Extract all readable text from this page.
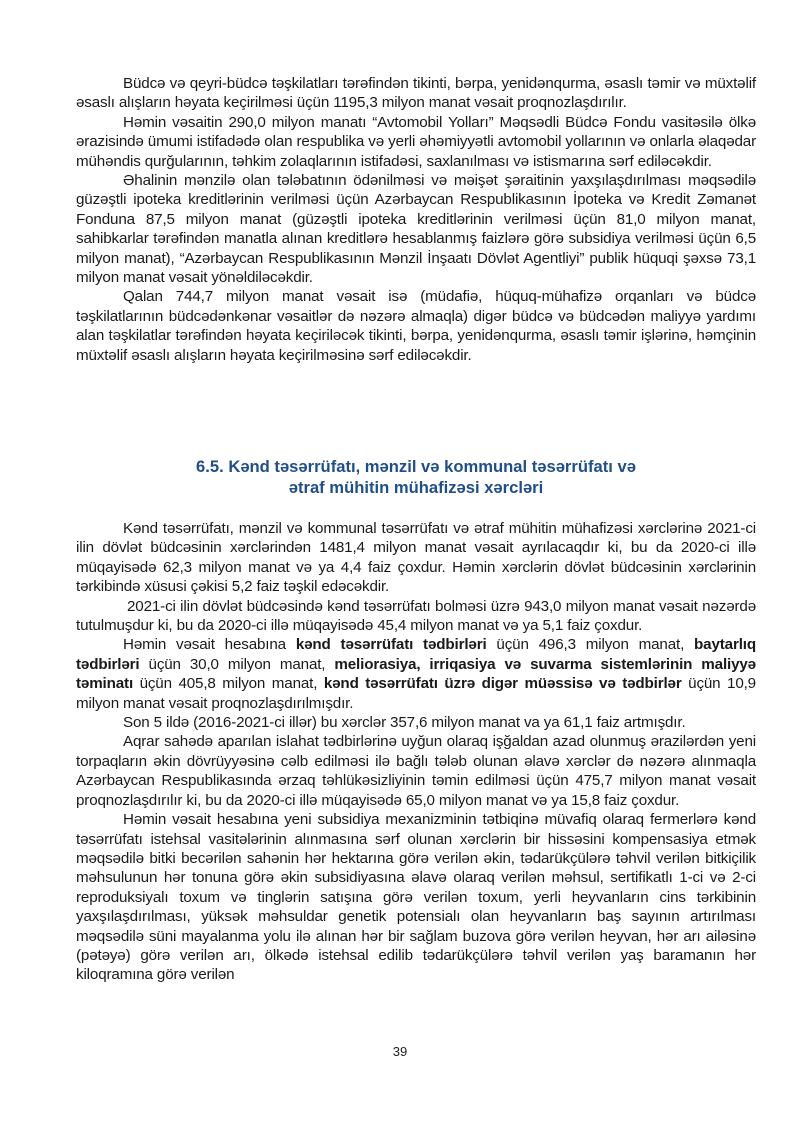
Büdcə və qeyri-büdcə təşkilatları tərəfindən tikinti, bərpa, yenidənqurma, əsaslı təmir və müxtəlif əsaslı alışların həyata keçirilməsi üçün 1195,3 milyon manat vəsait proqnozlaşdırılır.

Həmin vəsaitin 290,0 milyon manatı “Avtomobil Yolları” Məqsədli Büdcə Fondu vasitəsilə ölkə ərazisində ümumi istifadədə olan respublika və yerli əhəmiyyətli avtomobil yollarının və onlarla əlaqədar mühəndis qurğularının, təhkim zolaqlarının istifadəsi, saxlanılması və istismarına sərf ediləcəkdir.

Əhalinin mənzilə olan tələbatının ödənilməsi və məişət şəraitinin yaxşılaşdırılması məqsədilə güzəştli ipoteka kreditlərinin verilməsi üçün Azərbaycan Respublikasının İpoteka və Kredit Zəmanət Fonduna 87,5 milyon manat (güzəştli ipoteka kreditlərinin verilməsi üçün 81,0 milyon manat, sahibkarlar tərəfindən manatla alınan kreditlərə hesablanmış faizlərə görə subsidiya verilməsi üçün 6,5 milyon manat), “Azərbaycan Respublikasının Mənzil İnşaatı Dövlət Agentliyi” publik hüquqi şəxsə 73,1 milyon manat vəsait yönəldiləcəkdir.

Qalan 744,7 milyon manat vəsait isə (müdafiə, hüquq-mühafizə orqanları və büdcə təşkilatlarının büdcədənkənar vəsaitlər də nəzərə almaqla) digər büdcə və büdcədən maliyyə yardımı alan təşkilatlar tərəfindən həyata keçiriləcək tikinti, bərpa, yenidənqurma, əsaslı təmir işlərinə, həmçinin müxtəlif əsaslı alışların həyata keçirilməsinə sərf ediləcəkdir.

6.5. Kənd təsərrüfatı, mənzil və kommunal təsərrüfatı və
ətraf mühitin mühafizəsi xərcləri

Kənd təsərrüfatı, mənzil və kommunal təsərrüfatı və ətraf mühitin mühafizəsi xərclərinə 2021-ci ilin dövlət büdcəsinin xərclərindən 1481,4 milyon manat vəsait ayrılacaqdır ki, bu da 2020-ci illə müqayisədə 62,3 milyon manat və ya 4,4 faiz çoxdur. Həmin xərclərin dövlət büdcəsinin xərclərinin tərkibində xüsusi çəkisi 5,2 faiz təşkil edəcəkdir.

2021-ci ilin dövlət büdcəsində kənd təsərrüfatı bolməsi üzrə 943,0 milyon manat vəsait nəzərdə tutulmuşdur ki, bu da 2020-ci illə müqayisədə 45,4 milyon manat və ya 5,1 faiz çoxdur.

Həmin vəsait hesabına kənd təsərrüfatı tədbirləri üçün 496,3 milyon manat, baytarlıq tədbirləri üçün 30,0 milyon manat, meliorasiya, irriqasiya və suvarma sistemlərinin maliyyə təminatı üçün 405,8 milyon manat, kənd təsərrüfatı üzrə digər müəssisə və tədbirlər üçün 10,9 milyon manat vəsait proqnozlaşdırılmışdır.

Son 5 ildə (2016-2021-ci illər) bu xərclər 357,6 milyon manat va ya 61,1 faiz artmışdır.

Aqrar sahədə aparılan islahat tədbirlərinə uyğun olaraq işğaldan azad olunmuş ərazilərdən yeni torpaqların əkin dövrüyyəsinə cəlb edilməsi ilə bağlı tələb olunan əlavə xərclər də nəzərə alınmaqla Azərbaycan Respublikasında ərzaq təhlükəsizliyinin təmin edilməsi üçün 475,7 milyon manat vəsait proqnozlaşdırılır ki, bu da 2020-ci illə müqayisədə 65,0 milyon manat və ya 15,8 faiz çoxdur.

Həmin vəsait hesabına yeni subsidiya mexanizminin tətbiqinə müvafiq olaraq fermerlərə kənd təsərrüfatı istehsal vasitələrinin alınmasına sərf olunan xərclərin bir hissəsini kompensasiya etmək məqsədilə bitki becərilən sahənin hər hektarına görə verilən əkin, tədarükçülərə təhvil verilən bitkiçilik məhsulunun hər tonuna görə əkin subsidiyasına əlavə olaraq verilən məhsul, sertifikatlı 1-ci və 2-ci reproduksiyalı toxum və tinglərin satışına görə verilən toxum, yerli heyvanların cins tərkibinin yaxşılaşdırılması, yüksək məhsuldar genetik potensialı olan heyvanların baş sayının artırılması məqsədilə süni mayalanma yolu ilə alınan hər bir sağlam buzova görə verilən heyvan, hər arı ailəsinə (pətəyə) görə verilən arı, ölkədə istehsal edilib tədarükçülərə təhvil verilən yaş baramanın hər kiloqramına görə verilən

39
